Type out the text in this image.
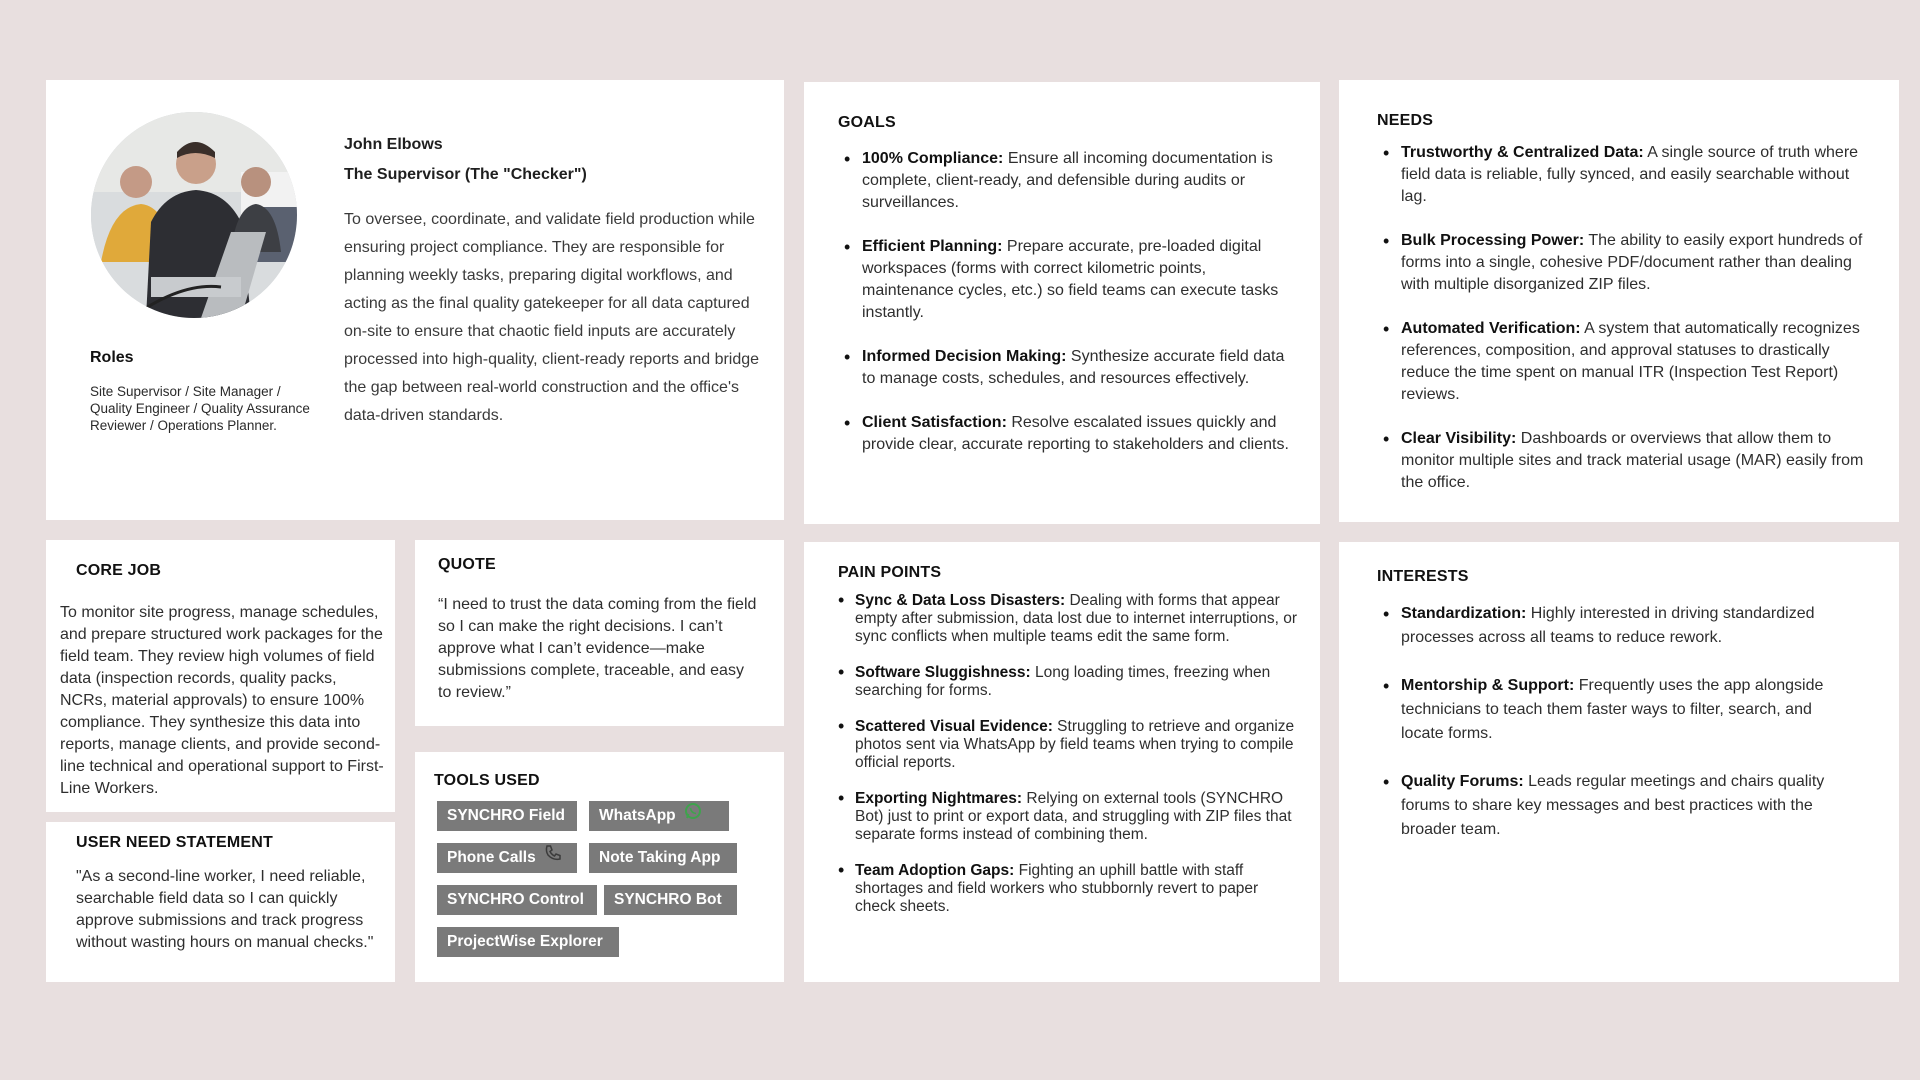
John Elbows
The Supervisor (The "Checker")
To oversee, coordinate, and validate field production while ensuring project compliance. They are responsible for planning weekly tasks, preparing digital workflows, and acting as the final quality gatekeeper for all data captured on-site to ensure that chaotic field inputs are accurately processed into high-quality, client-ready reports and bridge the gap between real-world construction and the office's data-driven standards.
Roles
Site Supervisor / Site Manager / Quality Engineer / Quality Assurance Reviewer / Operations Planner.
GOALS
• 100% Compliance: Ensure all incoming documentation is complete, client-ready, and defensible during audits or surveillances.
• Efficient Planning: Prepare accurate, pre-loaded digital workspaces (forms with correct kilometric points, maintenance cycles, etc.) so field teams can execute tasks instantly.
• Informed Decision Making: Synthesize accurate field data to manage costs, schedules, and resources effectively.
• Client Satisfaction: Resolve escalated issues quickly and provide clear, accurate reporting to stakeholders and clients.
NEEDS
• Trustworthy & Centralized Data: A single source of truth where field data is reliable, fully synced, and easily searchable without lag.
• Bulk Processing Power: The ability to easily export hundreds of forms into a single, cohesive PDF/document rather than dealing with multiple disorganized ZIP files.
• Automated Verification: A system that automatically recognizes references, composition, and approval statuses to drastically reduce the time spent on manual ITR (Inspection Test Report) reviews.
• Clear Visibility: Dashboards or overviews that allow them to monitor multiple sites and track material usage (MAR) easily from the office.
CORE JOB

To monitor site progress, manage schedules, and prepare structured work packages for the field team. They review high volumes of field data (inspection records, quality packs, NCRs, material approvals) to ensure 100% compliance. They synthesize this data into reports, manage clients, and provide second-line technical and operational support to First-Line Workers.

QUOTE

“I need to trust the data coming from the field so I can make the right decisions. I can’t approve what I can’t evidence—make submissions complete, traceable, and easy to review.”

USER NEED STATEMENT

"As a second-line worker, I need reliable, searchable field data so I can quickly approve submissions and track progress without wasting hours on manual checks."

TOOLS USED
SYNCHRO Field	WhatsApp
Phone Calls	Note Taking App
SYNCHRO Control	SYNCHRO Bot
ProjectWise Explorer
PAIN POINTS
• Sync & Data Loss Disasters: Dealing with forms that appear empty after submission, data lost due to internet interruptions, or sync conflicts when multiple teams edit the same form.
• Software Sluggishness: Long loading times, freezing when searching for forms.
• Scattered Visual Evidence: Struggling to retrieve and organize photos sent via WhatsApp by field teams when trying to compile official reports.
• Exporting Nightmares: Relying on external tools (SYNCHRO Bot) just to print or export data, and struggling with ZIP files that separate forms instead of combining them.
• Team Adoption Gaps: Fighting an uphill battle with staff shortages and field workers who stubbornly revert to paper check sheets.
INTERESTS
• Standardization: Highly interested in driving standardized processes across all teams to reduce rework.
• Mentorship & Support: Frequently uses the app alongside technicians to teach them faster ways to filter, search, and locate forms.
• Quality Forums: Leads regular meetings and chairs quality forums to share key messages and best practices with the broader team.
